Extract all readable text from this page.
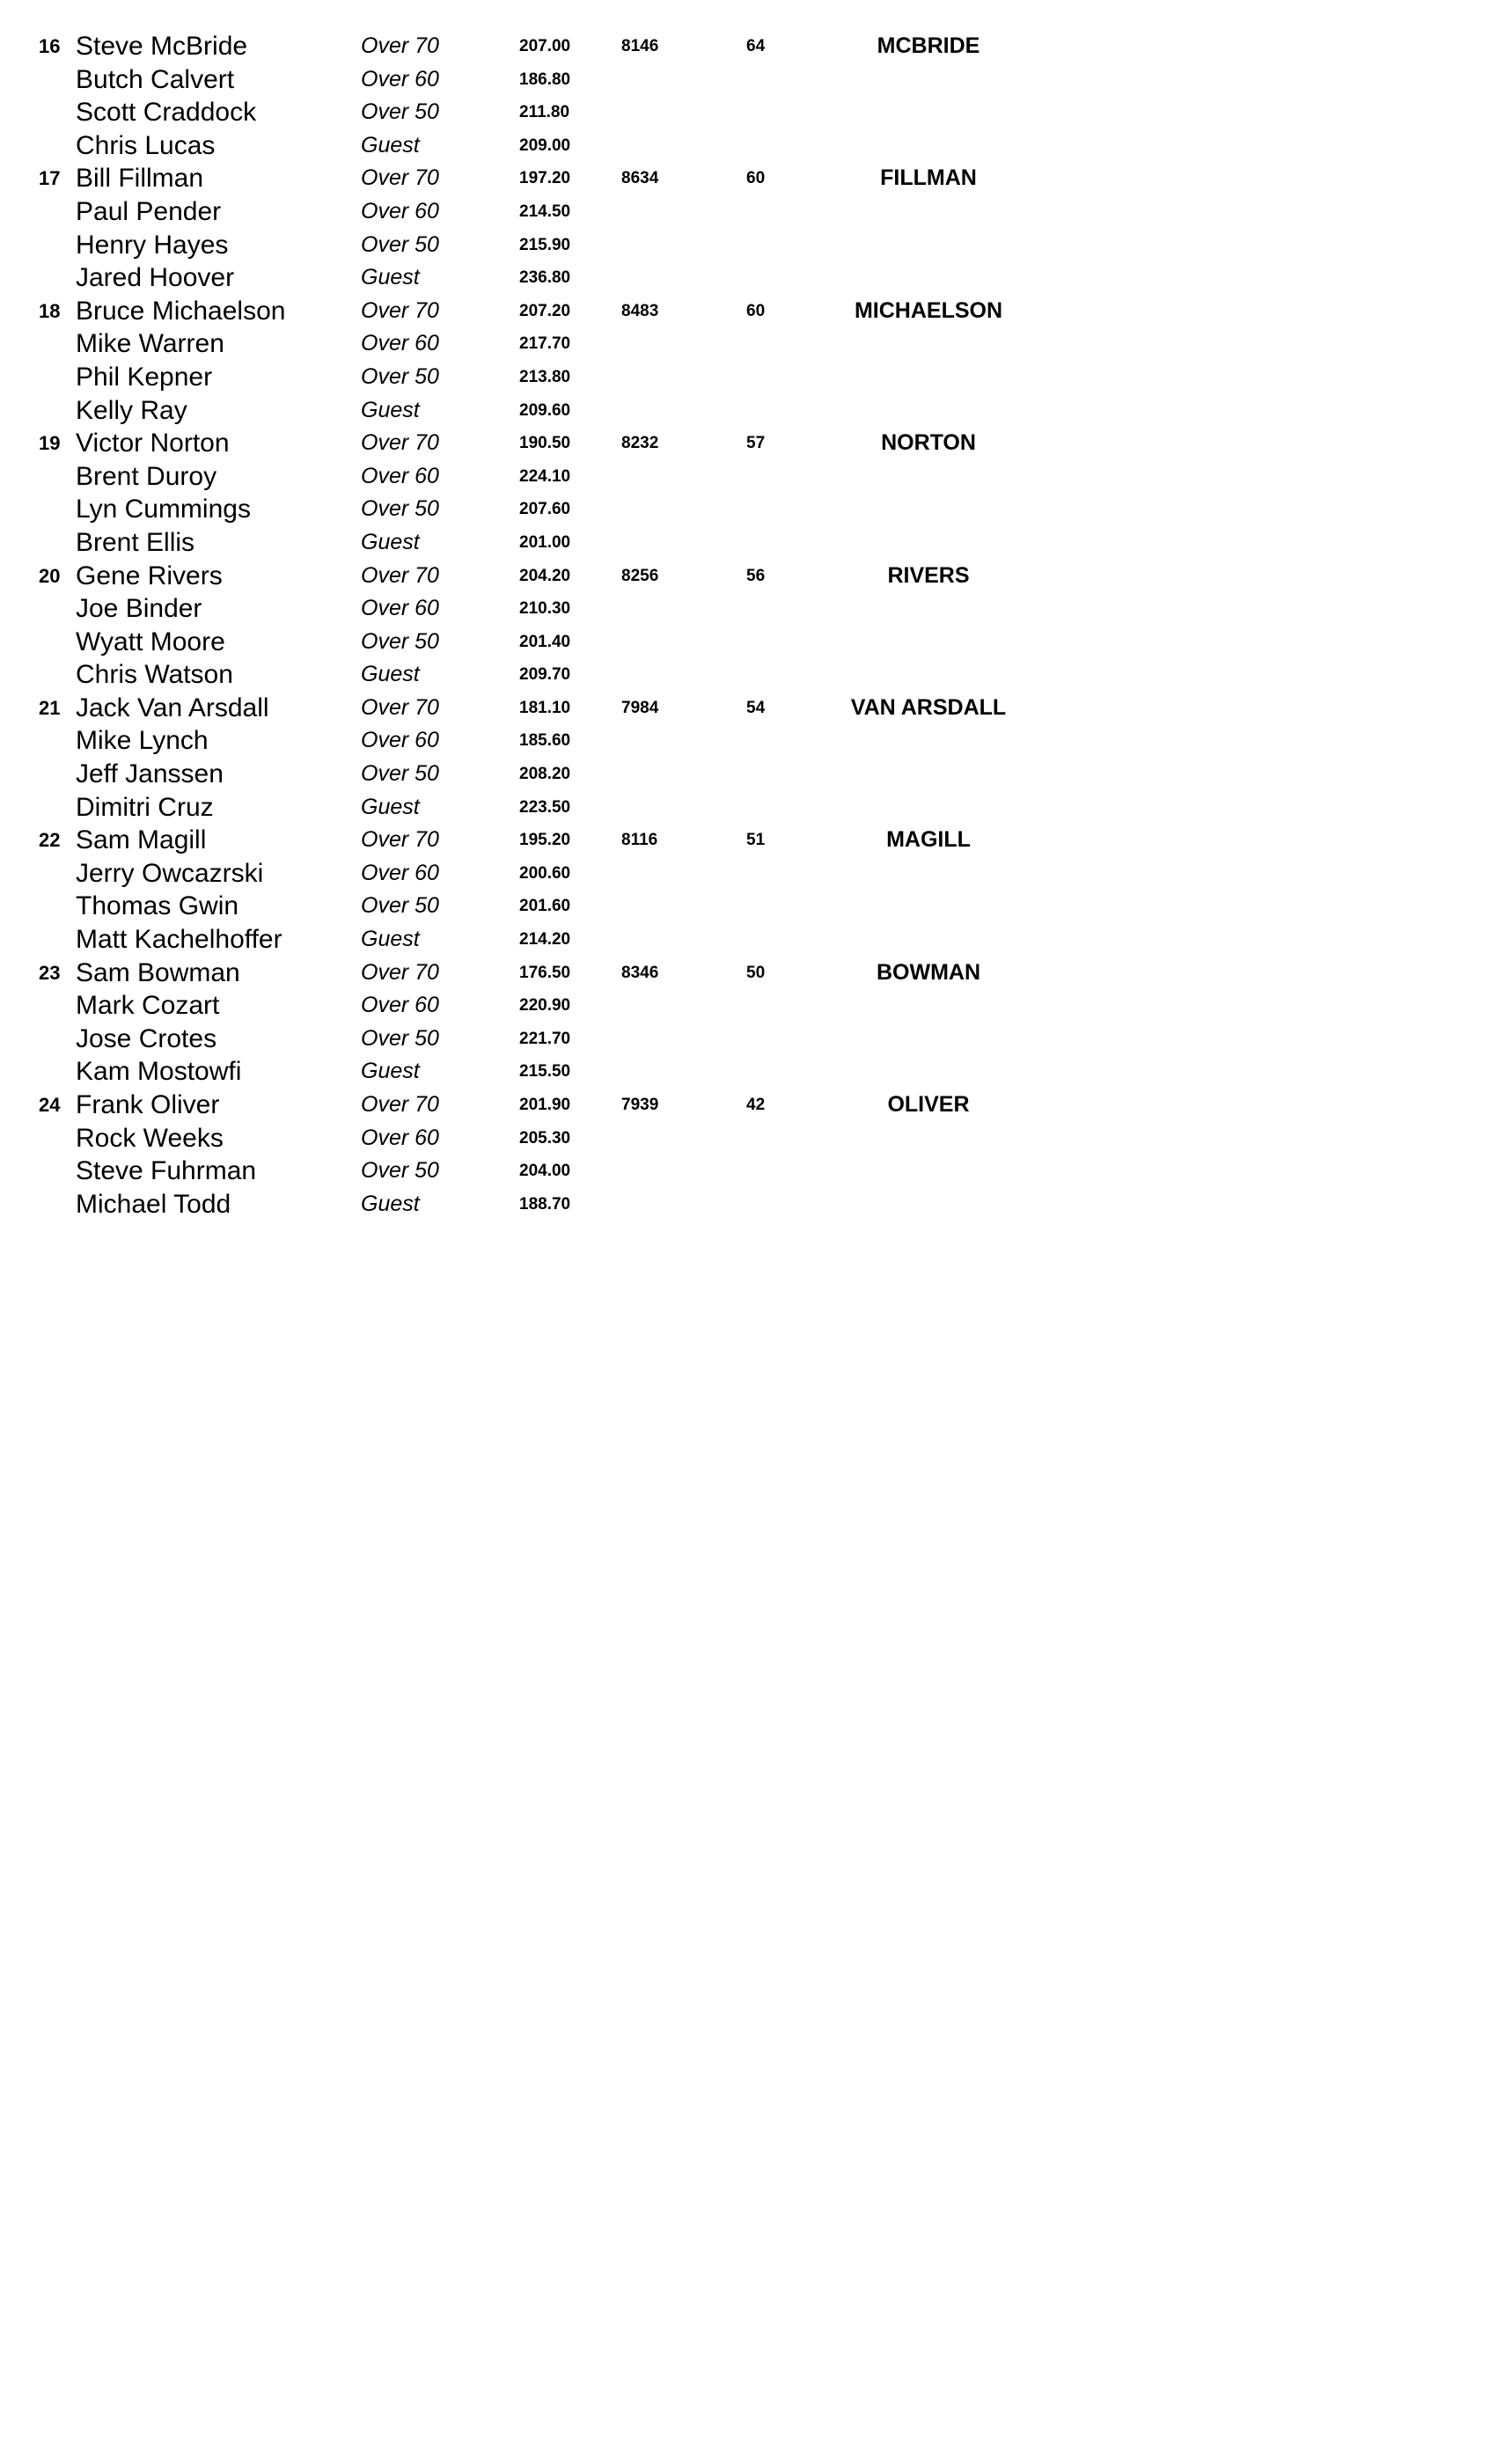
16 Steve McBride	Over 70	207.00	8146	64	MCBRIDE
Butch Calvert	Over 60	186.80
Scott Craddock	Over 50	211.80
Chris Lucas	Guest	209.00
17 Bill Fillman	Over 70	197.20	8634	60	FILLMAN
Paul Pender	Over 60	214.50
Henry Hayes	Over 50	215.90
Jared Hoover	Guest	236.80
18 Bruce Michaelson	Over 70	207.20	8483	60	MICHAELSON
Mike Warren	Over 60	217.70
Phil Kepner	Over 50	213.80
Kelly Ray	Guest	209.60
19 Victor Norton	Over 70	190.50	8232	57	NORTON
Brent Duroy	Over 60	224.10
Lyn Cummings	Over 50	207.60
Brent Ellis	Guest	201.00
20 Gene Rivers	Over 70	204.20	8256	56	RIVERS
Joe Binder	Over 60	210.30
Wyatt Moore	Over 50	201.40
Chris Watson	Guest	209.70
21 Jack Van Arsdall	Over 70	181.10	7984	54	VAN ARSDALL
Mike Lynch	Over 60	185.60
Jeff Janssen	Over 50	208.20
Dimitri Cruz	Guest	223.50
22 Sam Magill	Over 70	195.20	8116	51	MAGILL
Jerry Owcazrski	Over 60	200.60
Thomas Gwin	Over 50	201.60
Matt Kachelhoffer	Guest	214.20
23 Sam Bowman	Over 70	176.50	8346	50	BOWMAN
Mark Cozart	Over 60	220.90
Jose Crotes	Over 50	221.70
Kam Mostowfi	Guest	215.50
24 Frank Oliver	Over 70	201.90	7939	42	OLIVER
Rock Weeks	Over 60	205.30
Steve Fuhrman	Over 50	204.00
Michael Todd	Guest	188.70
